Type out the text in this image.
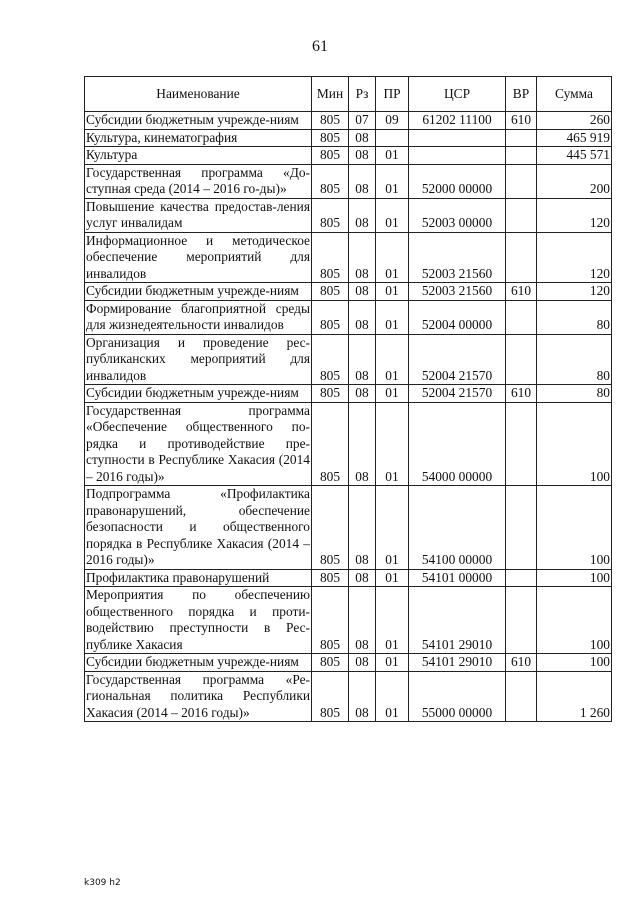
61
Наименование	Мин	Рз	ПР	ЦСР	ВР	Сумма
Субсидии бюджетным учрежде-ниям	805	07	09	61202 11100	610	260
Культура, кинематография	805	08				465 919
Культура	805	08	01			445 571
Государственная программа «До-ступная среда (2014 – 2016 го-ды)»	805	08	01	52000 00000		200
Повышение качества предостав-ления услуг инвалидам	805	08	01	52003 00000		120
Информационное и методическое обеспечение мероприятий для инвалидов	805	08	01	52003 21560		120
Субсидии бюджетным учрежде-ниям	805	08	01	52003 21560	610	120
Формирование благоприятной среды для жизнедеятельности инвалидов	805	08	01	52004 00000		80
Организация и проведение рес-публиканских мероприятий для инвалидов	805	08	01	52004 21570		80
Субсидии бюджетным учрежде-ниям	805	08	01	52004 21570	610	80
Государственная программа «Обеспечение общественного по-рядка и противодействие пре-ступности в Республике Хакасия (2014 – 2016 годы)»	805	08	01	54000 00000		100
Подпрограмма «Профилактика правонарушений, обеспечение безопасности и общественного порядка в Республике Хакасия (2014 – 2016 годы)»	805	08	01	54100 00000		100
Профилактика правонарушений	805	08	01	54101 00000		100
Мероприятия по обеспечению общественного порядка и проти-водействию преступности в Рес-публике Хакасия	805	08	01	54101 29010		100
Субсидии бюджетным учрежде-ниям	805	08	01	54101 29010	610	100
Государственная программа «Ре-гиональная политика Республики Хакасия (2014 – 2016 годы)»	805	08	01	55000 00000		1 260
k309 h2
